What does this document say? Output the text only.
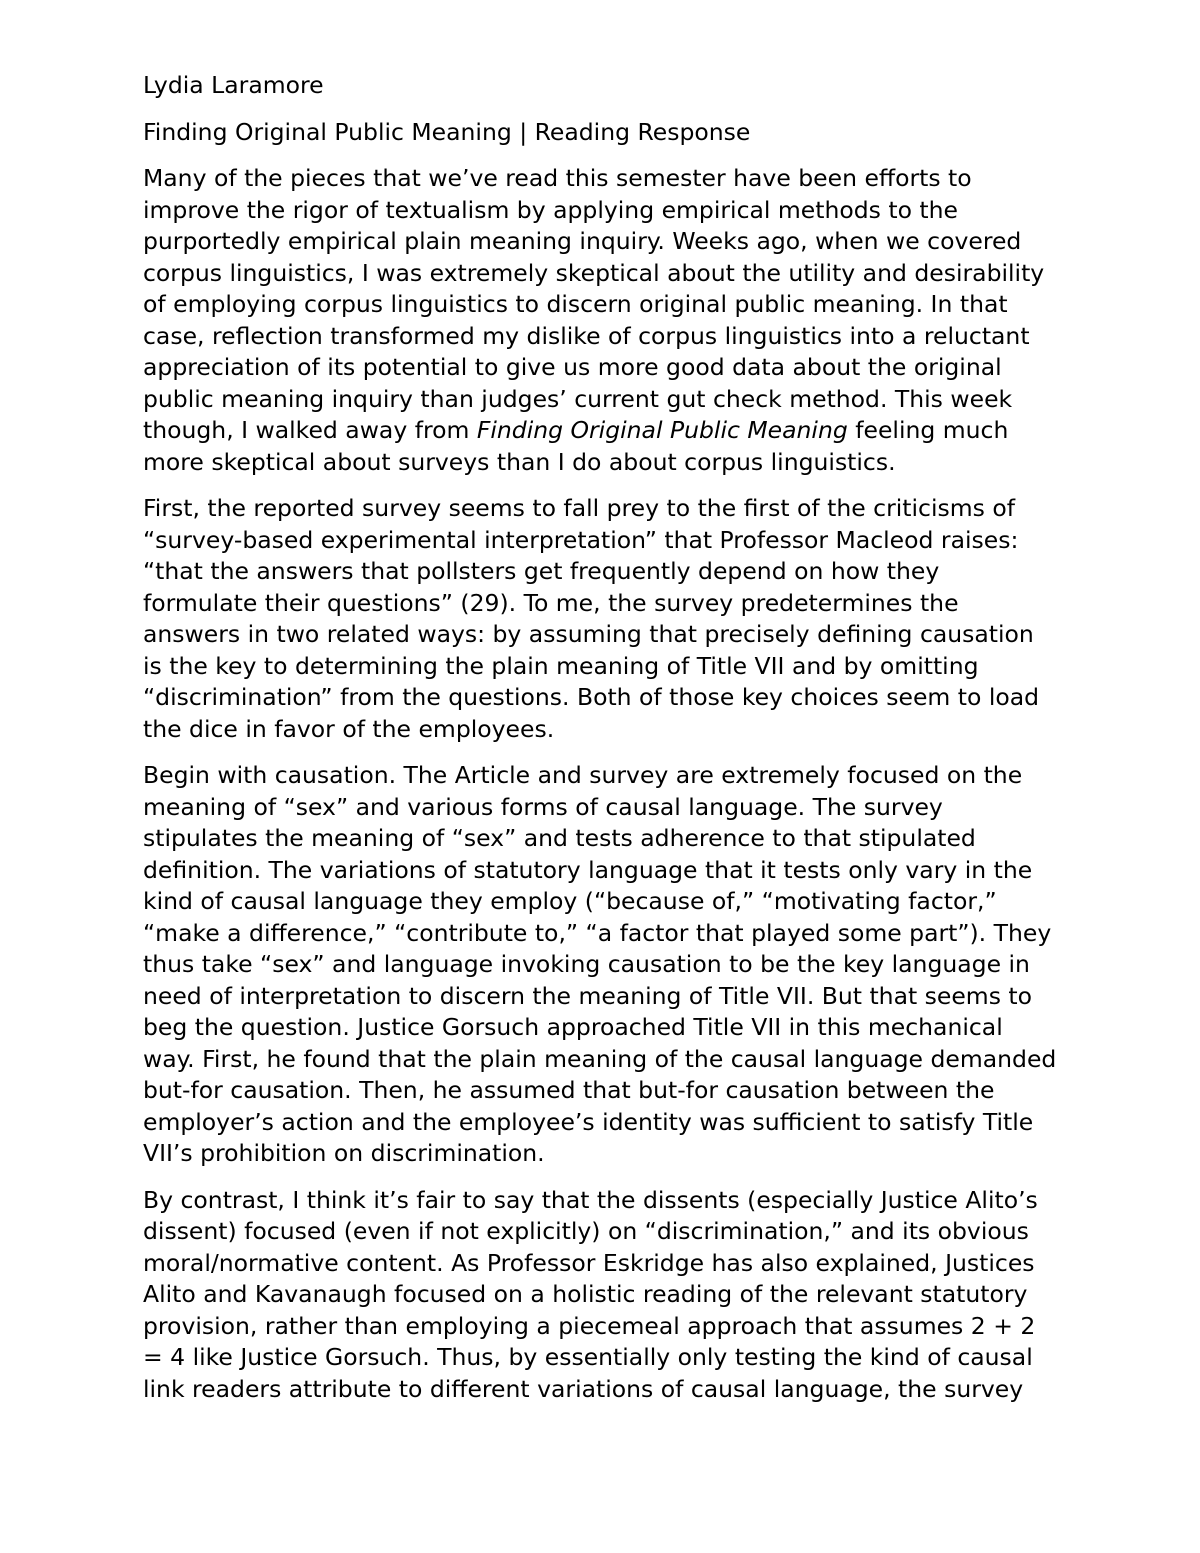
Lydia Laramore
Finding Original Public Meaning | Reading Response
Many of the pieces that we’ve read this semester have been efforts to
improve the rigor of textualism by applying empirical methods to the
purportedly empirical plain meaning inquiry. Weeks ago, when we covered
corpus linguistics, I was extremely skeptical about the utility and desirability
of employing corpus linguistics to discern original public meaning. In that
case, reflection transformed my dislike of corpus linguistics into a reluctant
appreciation of its potential to give us more good data about the original
public meaning inquiry than judges’ current gut check method. This week
though, I walked away from Finding Original Public Meaning feeling much
more skeptical about surveys than I do about corpus linguistics.
First, the reported survey seems to fall prey to the first of the criticisms of
“survey-based experimental interpretation” that Professor Macleod raises:
“that the answers that pollsters get frequently depend on how they
formulate their questions” (29). To me, the survey predetermines the
answers in two related ways: by assuming that precisely defining causation
is the key to determining the plain meaning of Title VII and by omitting
“discrimination” from the questions. Both of those key choices seem to load
the dice in favor of the employees.
Begin with causation. The Article and survey are extremely focused on the
meaning of “sex” and various forms of causal language. The survey
stipulates the meaning of “sex” and tests adherence to that stipulated
definition. The variations of statutory language that it tests only vary in the
kind of causal language they employ (“because of,” “motivating factor,”
“make a difference,” “contribute to,” “a factor that played some part”). They
thus take “sex” and language invoking causation to be the key language in
need of interpretation to discern the meaning of Title VII. But that seems to
beg the question. Justice Gorsuch approached Title VII in this mechanical
way. First, he found that the plain meaning of the causal language demanded
but-for causation. Then, he assumed that but-for causation between the
employer’s action and the employee’s identity was sufficient to satisfy Title
VII’s prohibition on discrimination.
By contrast, I think it’s fair to say that the dissents (especially Justice Alito’s
dissent) focused (even if not explicitly) on “discrimination,” and its obvious
moral/normative content. As Professor Eskridge has also explained, Justices
Alito and Kavanaugh focused on a holistic reading of the relevant statutory
provision, rather than employing a piecemeal approach that assumes 2 + 2
= 4 like Justice Gorsuch. Thus, by essentially only testing the kind of causal
link readers attribute to different variations of causal language, the survey
